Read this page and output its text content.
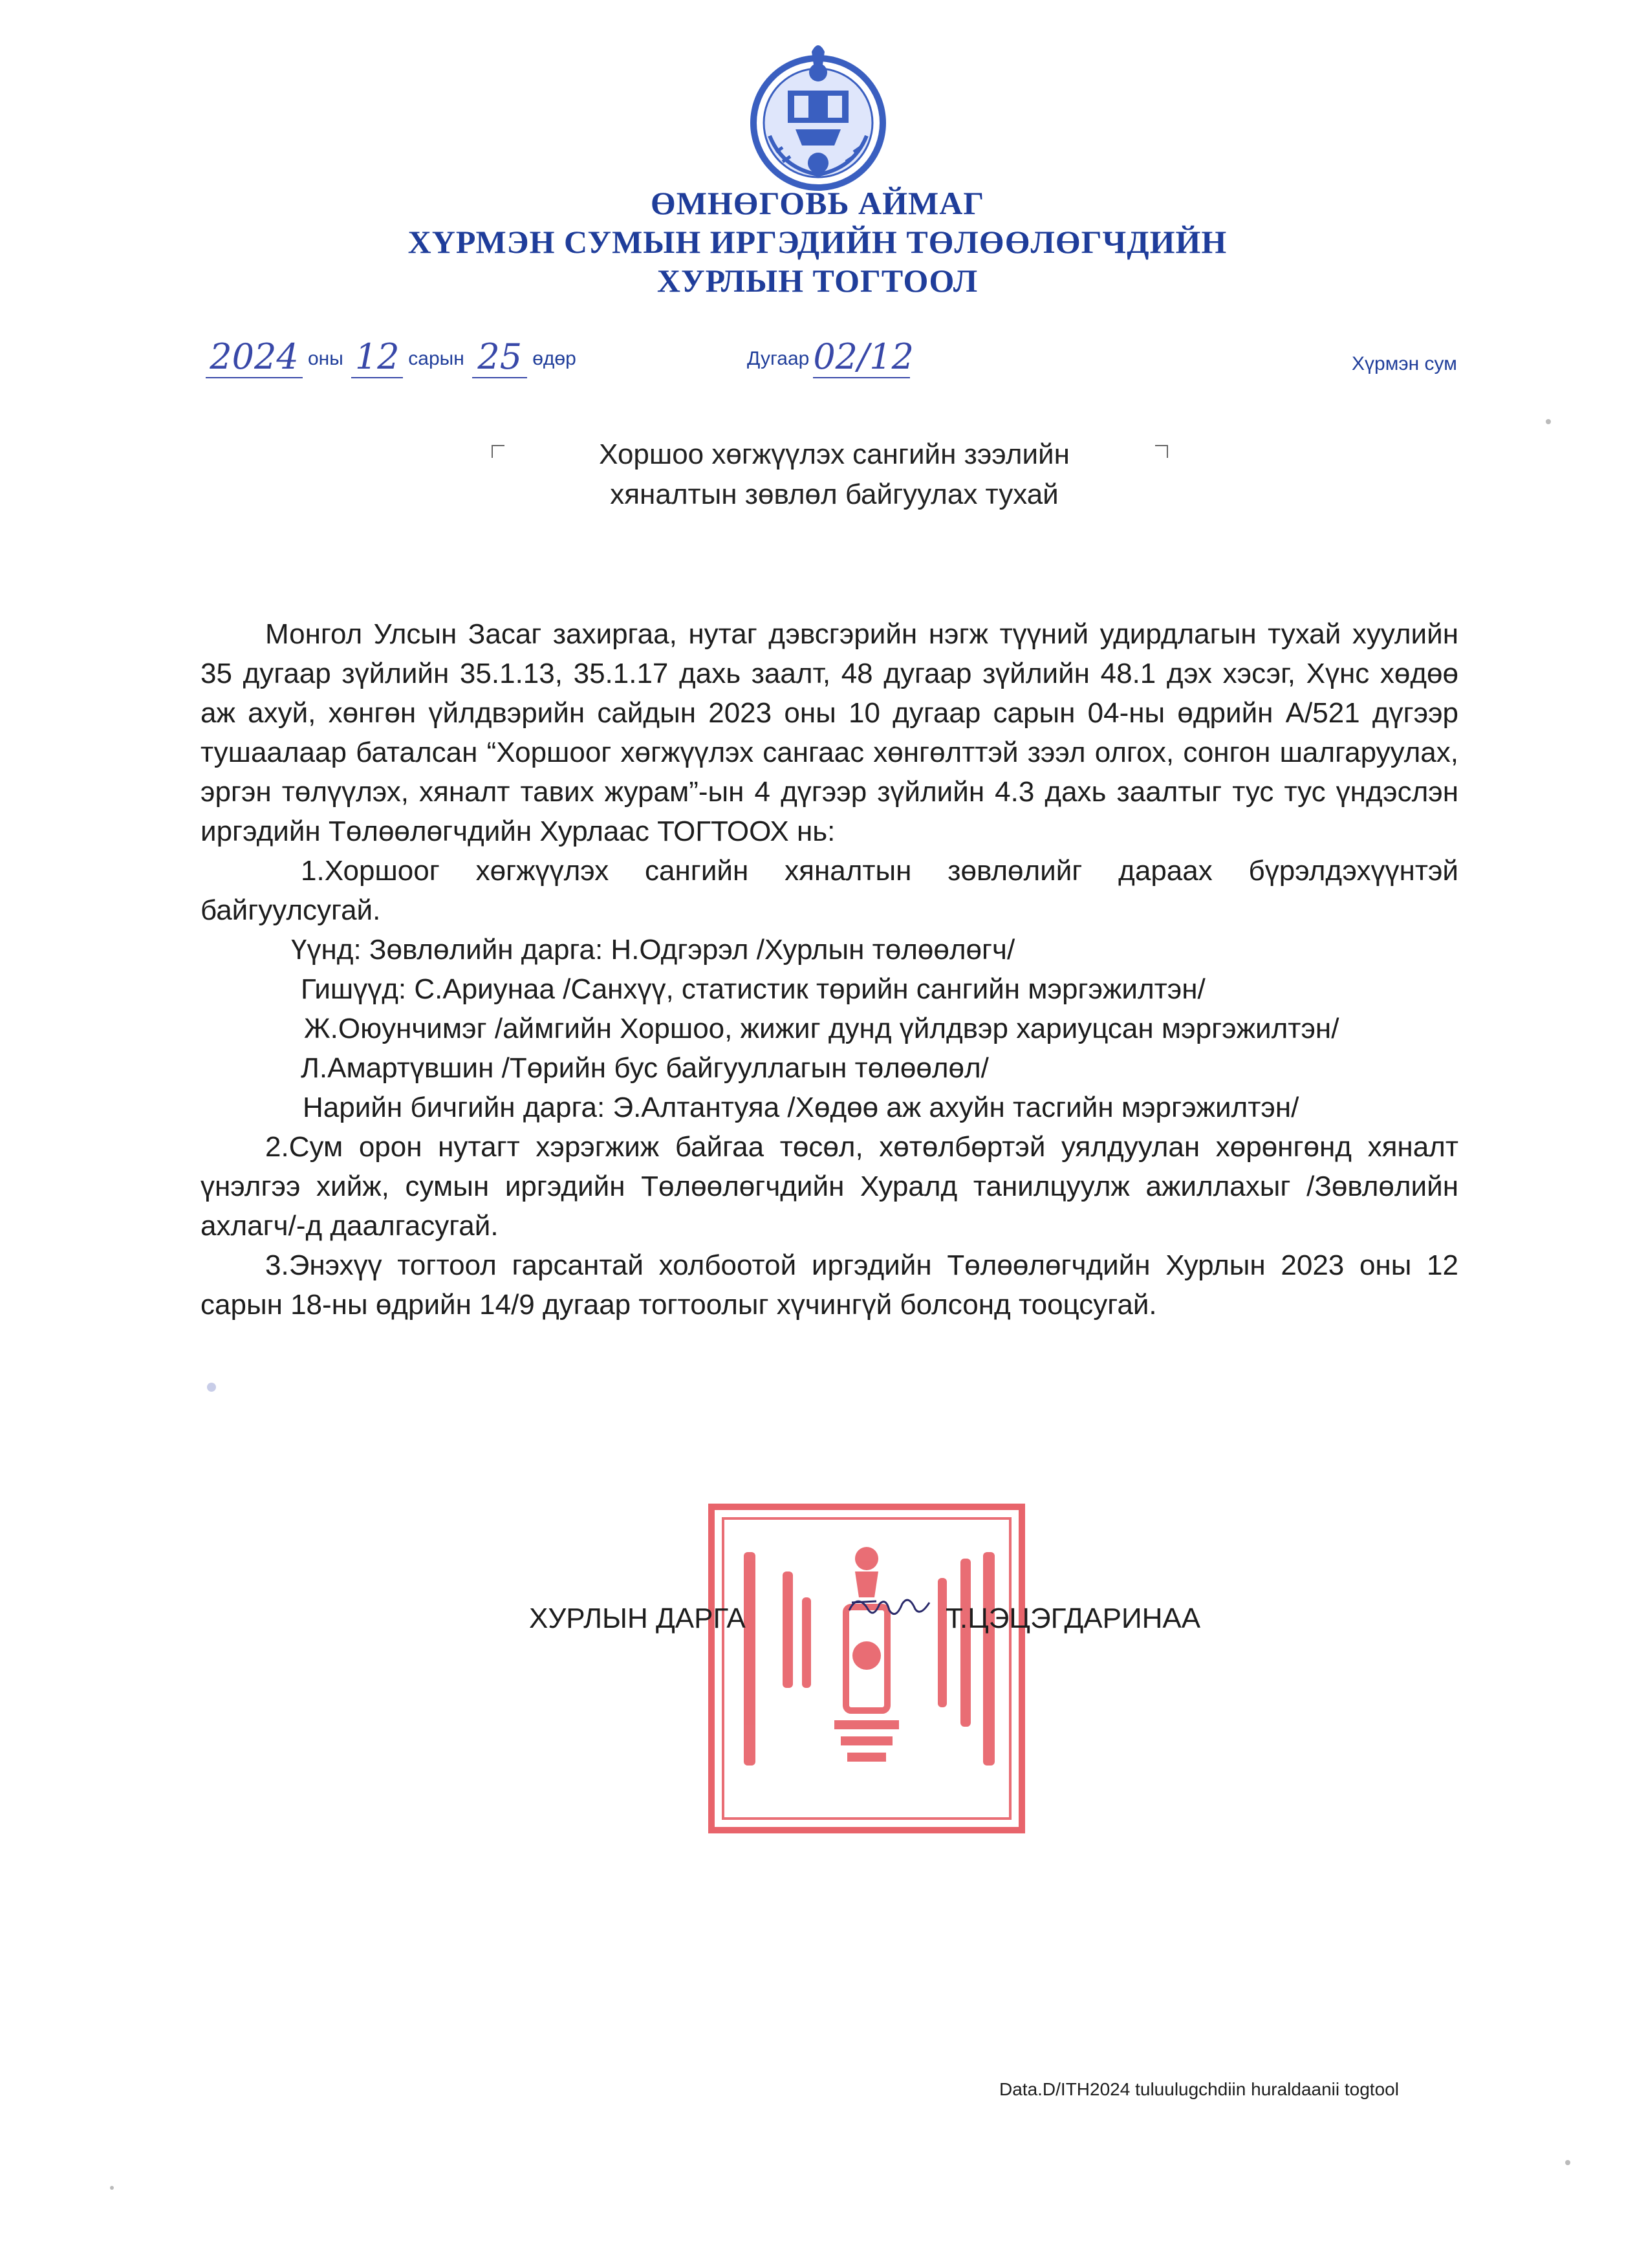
ӨМНӨГОВЬ АЙМАГ
ХҮРМЭН СУМЫН ИРГЭДИЙН ТӨЛӨӨЛӨГЧДИЙН
ХУРЛЫН ТОГТООЛ
2024 оны 12 сарын 25 өдөр	Дугаар 02/12	Хүрмэн сум
Хоршоо хөгжүүлэх сангийн зээлийн
хяналтын зөвлөл байгуулах тухай

Монгол Улсын Засаг захиргаа, нутаг дэвсгэрийн нэгж түүний удирдлагын тухай хуулийн 35 дугаар зүйлийн 35.1.13, 35.1.17 дахь заалт, 48 дугаар зүйлийн 48.1 дэх хэсэг, Хүнс хөдөө аж ахуй, хөнгөн үйлдвэрийн сайдын 2023 оны 10 дугаар сарын 04-ны өдрийн А/521 дүгээр тушаалаар баталсан “Хоршоог хөгжүүлэх сангаас хөнгөлттэй зээл олгох, сонгон шалгаруулах, эргэн төлүүлэх, хяналт тавих журам”-ын 4 дүгээр зүйлийн 4.3 дахь заалтыг тус тус үндэслэн иргэдийн Төлөөлөгчдийн Хурлаас ТОГТООХ нь:

1.Хоршоог хөгжүүлэх сангийн хяналтын зөвлөлийг дараах бүрэлдэхүүнтэй байгуулсугай.

Үүнд: Зөвлөлийн дарга: Н.Одгэрэл /Хурлын төлөөлөгч/

Гишүүд: С.Ариунаа /Санхүү, статистик төрийн сангийн мэргэжилтэн/

Ж.Оюунчимэг /аймгийн Хоршоо, жижиг дунд үйлдвэр хариуцсан мэргэжилтэн/

Л.Амартүвшин /Төрийн бус байгууллагын төлөөлөл/

Нарийн бичгийн дарга: Э.Алтантуяа /Хөдөө аж ахуйн тасгийн мэргэжилтэн/

2.Сум орон нутагт хэрэгжиж байгаа төсөл, хөтөлбөртэй уялдуулан хөрөнгөнд хяналт үнэлгээ хийж, сумын иргэдийн Төлөөлөгчдийн Хуралд танилцуулж ажиллахыг /Зөвлөлийн ахлагч/-д даалгасугай.

3.Энэхүү тогтоол гарсантай холбоотой иргэдийн Төлөөлөгчдийн Хурлын 2023 оны 12 сарын 18-ны өдрийн 14/9 дугаар тогтоолыг хүчингүй болсонд тооцсугай.

ХУРЛЫН ДАРГА	Т.ЦЭЦЭГДАРИНАА
Data.D/ITH2024 tuluulugchdiin huraldaanii togtool
